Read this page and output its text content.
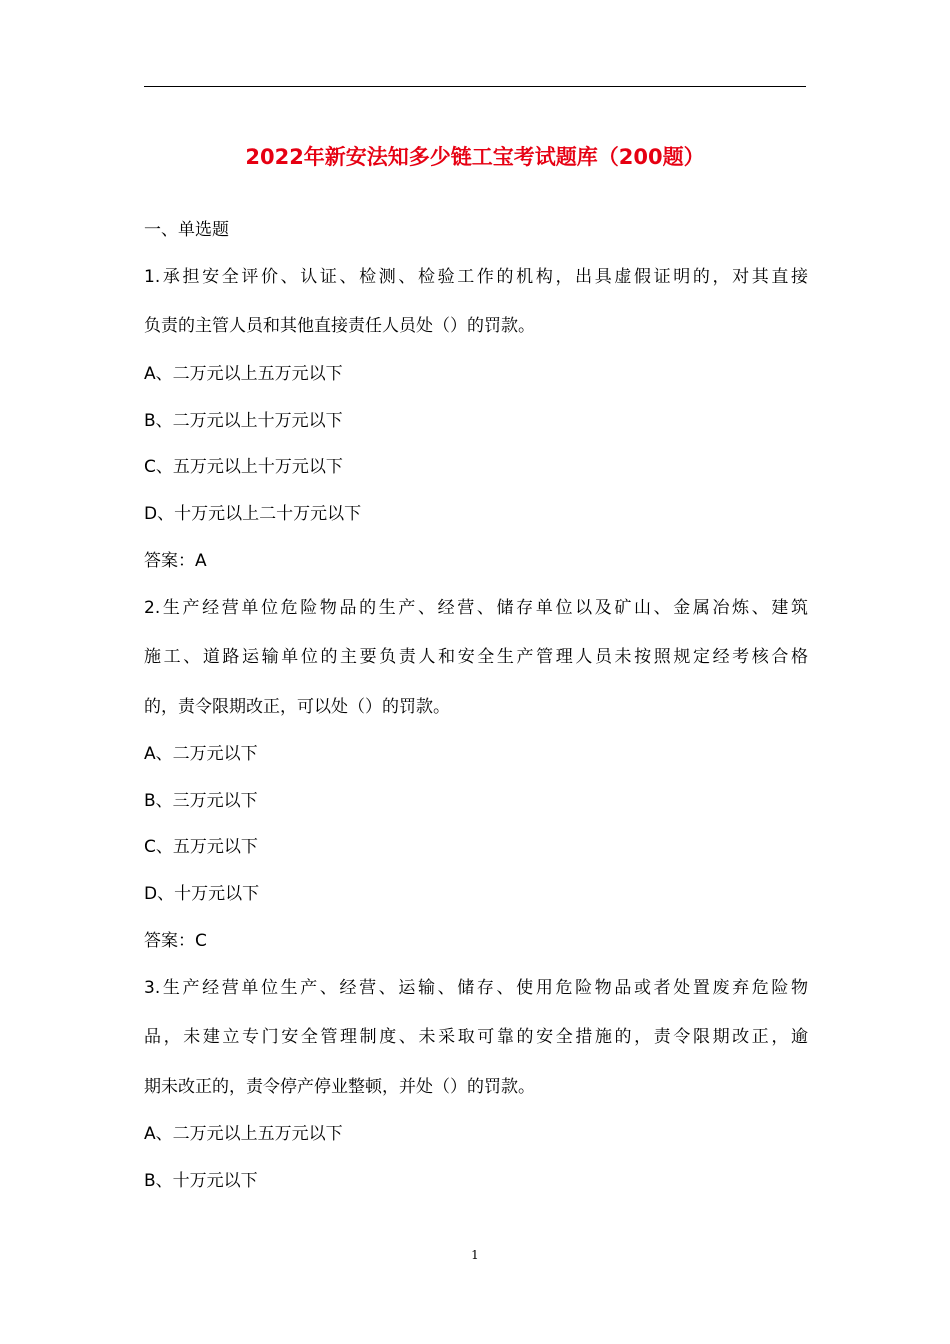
2022年新安法知多少链工宝考试题库（200题）
一、单选题
1.承担安全评价、认证、检测、检验工作的机构，出具虚假证明的，对其直接
负责的主管人员和其他直接责任人员处（）的罚款。
A、二万元以上五万元以下
B、二万元以上十万元以下
C、五万元以上十万元以下
D、十万元以上二十万元以下
答案：A
2.生产经营单位危险物品的生产、经营、储存单位以及矿山、金属冶炼、建筑
施工、道路运输单位的主要负责人和安全生产管理人员未按照规定经考核合格
的，责令限期改正，可以处（）的罚款。
A、二万元以下
B、三万元以下
C、五万元以下
D、十万元以下
答案：C
3.生产经营单位生产、经营、运输、储存、使用危险物品或者处置废弃危险物
品，未建立专门安全管理制度、未采取可靠的安全措施的，责令限期改正，逾
期未改正的，责令停产停业整顿，并处（）的罚款。
A、二万元以上五万元以下
B、十万元以下
1
